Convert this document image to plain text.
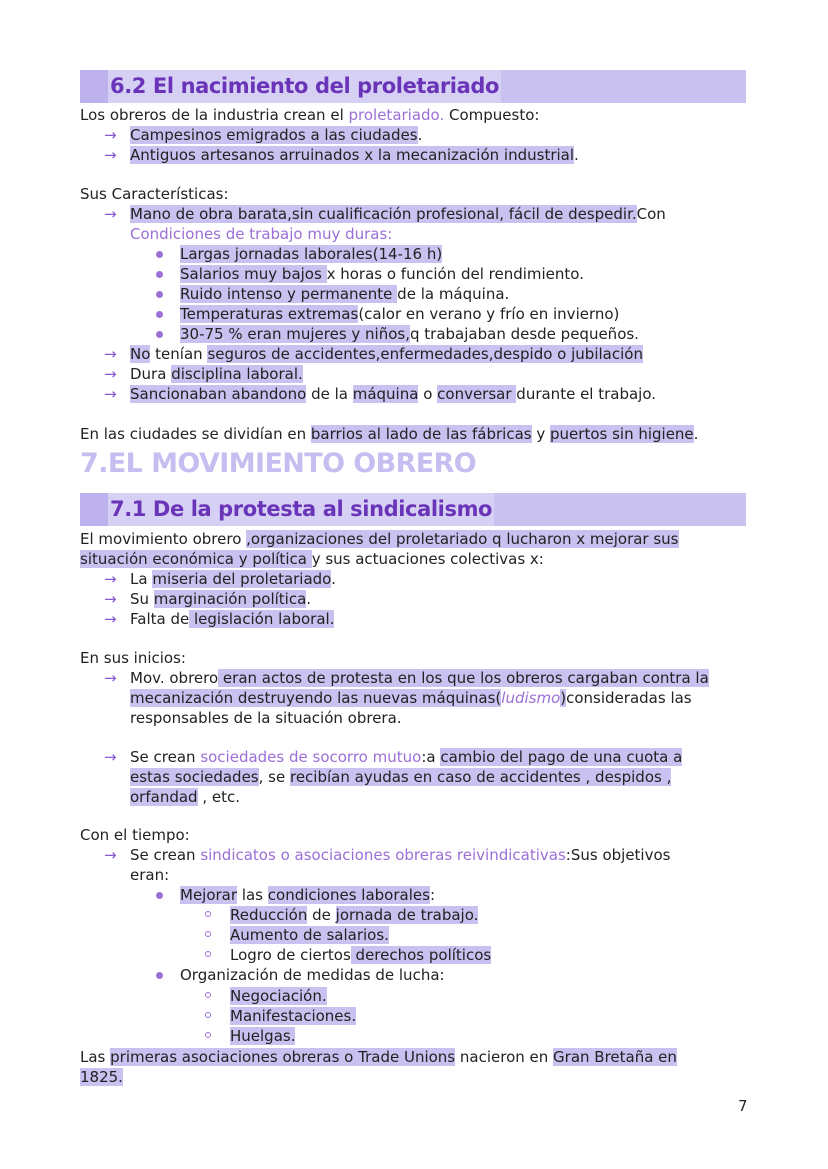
6.2 El nacimiento del proletariado
Los obreros de la industria crean el proletariado. Compuesto:
→ Campesinos emigrados a las ciudades.
→ Antiguos artesanos arruinados x la mecanización industrial.
Sus Características:
→ Mano de obra barata,sin cualificación profesional, fácil de despedir.Con
Condiciones de trabajo muy duras:
Largas jornadas laborales(14-16 h)
Salarios muy bajos x horas o función del rendimiento.
Ruido intenso y permanente de la máquina.
Temperaturas extremas(calor en verano y frío en invierno)
30-75 % eran mujeres y niños,q trabajaban desde pequeños.
→ No tenían seguros de accidentes,enfermedades,despido o jubilación
→ Dura disciplina laboral.
→ Sancionaban abandono de la máquina o conversar durante el trabajo.
En las ciudades se dividían en barrios al lado de las fábricas y puertos sin higiene.
7.EL MOVIMIENTO OBRERO
7.1 De la protesta al sindicalismo
El movimiento obrero ,organizaciones del proletariado q lucharon x mejorar sus
situación económica y política y sus actuaciones colectivas x:
→ La miseria del proletariado.
→ Su marginación política.
→ Falta de legislación laboral.
En sus inicios:
→ Mov. obrero eran actos de protesta en los que los obreros cargaban contra la
mecanización destruyendo las nuevas máquinas(ludismo)consideradas las
responsables de la situación obrera.
→ Se crean sociedades de socorro mutuo:a cambio del pago de una cuota a
estas sociedades, se recibían ayudas en caso de accidentes , despidos ,
orfandad , etc.
Con el tiempo:
→ Se crean sindicatos o asociaciones obreras reivindicativas:Sus objetivos
eran:
Mejorar las condiciones laborales:
Reducción de jornada de trabajo.
Aumento de salarios.
Logro de ciertos derechos políticos
Organización de medidas de lucha:
Negociación.
Manifestaciones.
Huelgas.
Las primeras asociaciones obreras o Trade Unions nacieron en Gran Bretaña en
1825.
7
